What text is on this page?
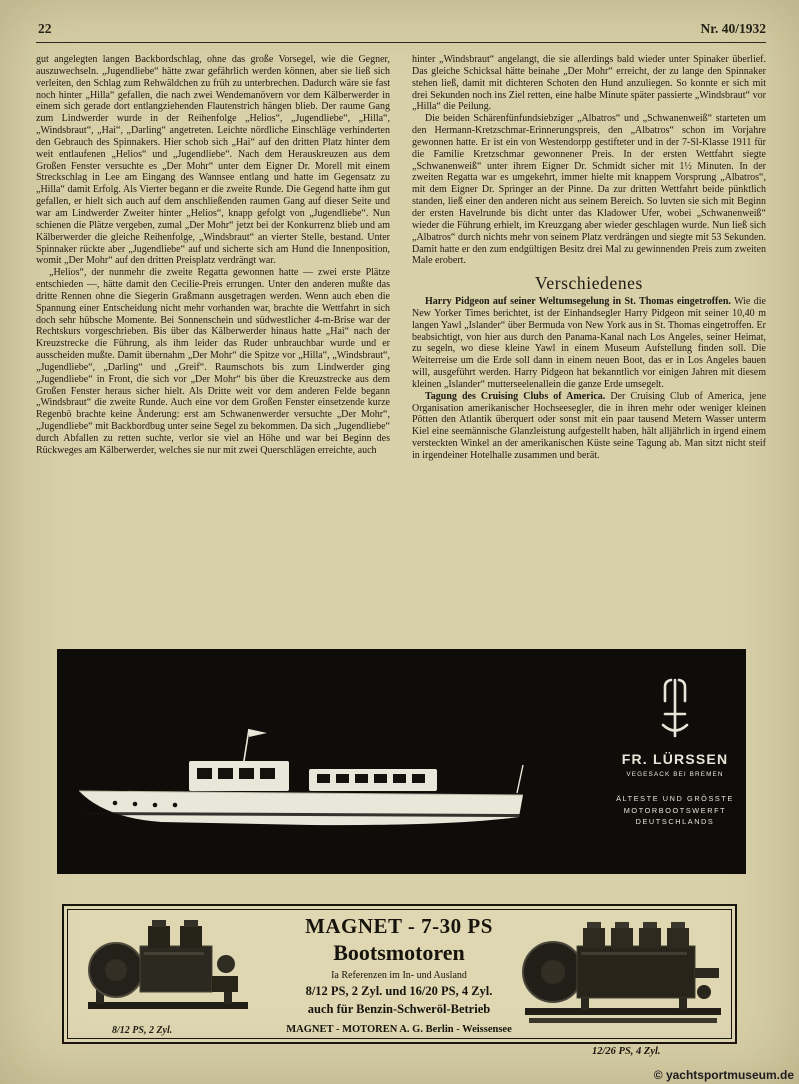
22	Nr. 40/1932

gut angelegten langen Backbordschlag, ohne das große Vorsegel, wie die Gegner, auszuwechseln. „Jugendliebe“ hätte zwar gefährlich werden können, aber sie ließ sich verleiten, den Schlag zum Rehwäldchen zu früh zu unterbrechen. Dadurch wäre sie fast noch hinter „Hilla“ gefallen, die nach zwei Wendemanövern vor dem Kälberwerder in einem sich gerade dort entlangziehenden Flautenstrich hängen blieb. Der raume Gang zum Lindwerder wurde in der Reihenfolge „Helios“, „Jugendliebe“, „Hilla“, „Windsbraut“, „Hai“, „Darling“ angetreten. Leichte nördliche Einschläge verhinderten den Gebrauch des Spinnakers. Hier schob sich „Hai“ auf den dritten Platz hinter dem weit entlaufenen „Helios“ und „Jugendliebe“. Nach dem Herauskreuzen aus dem Großen Fenster versuchte es „Der Mohr“ unter dem Eigner Dr. Morell mit einem Streckschlag in Lee am Eingang des Wannsee entlang und hatte im Gegensatz zu „Hilla“ damit Erfolg. Als Vierter begann er die zweite Runde. Die Gegend hatte ihm gut gefallen, er hielt sich auch auf dem anschließenden raumen Gang auf dieser Seite und war am Lindwerder Zweiter hinter „Helios“, knapp gefolgt von „Jugendliebe“. Nun schienen die Plätze vergeben, zumal „Der Mohr“ jetzt bei der Konkurrenz blieb und am Kälberwerder die gleiche Reihenfolge, „Windsbraut“ an vierter Stelle, bestand. Unter Spinnaker rückte aber „Jugendliebe“ auf und sicherte sich am Hund die Innenposition, womit „Der Mohr“ auf den dritten Preisplatz verdrängt war.

„Helios“, der nunmehr die zweite Regatta gewonnen hatte — zwei erste Plätze entschieden —, hätte damit den Cecilie-Preis errungen. Unter den anderen mußte das dritte Rennen ohne die Siegerin Graßmann ausgetragen werden. Wenn auch eben die Spannung einer Entscheidung nicht mehr vorhanden war, brachte die Wettfahrt in sich doch sehr hübsche Momente. Bei Sonnenschein und südwestlicher 4-m-Brise war der Rechtskurs vorgeschrieben. Bis über das Kälberwerder hinaus hatte „Hai“ nach der Kreuzstrecke die Führung, als ihm leider das Ruder unbrauchbar wurde und er ausscheiden mußte. Damit übernahm „Der Mohr“ die Spitze vor „Hilla“, „Windsbraut“, „Jugendliebe“, „Darling“ und „Greif“. Raumschots bis zum Lindwerder ging „Jugendliebe“ in Front, die sich vor „Der Mohr“ bis über die Kreuzstrecke aus dem Großen Fenster heraus sicher hielt. Als Dritte weit vor dem anderen Felde begann „Windsbraut“ die zweite Runde. Auch eine vor dem Großen Fenster einsetzende kurze Regenbö brachte keine Änderung: erst am Schwanenwerder versuchte „Der Mohr“, „Jugendliebe“ mit Backbordbug unter seine Segel zu bekommen. Da sich „Jugendliebe“ durch Abfallen zu retten suchte, verlor sie viel an Höhe und war bei Beginn des Rückweges am Kälberwerder, welches sie nur mit zwei Querschlägen erreichte, auch

hinter „Windsbraut“ angelangt, die sie allerdings bald wieder unter Spinaker überlief. Das gleiche Schicksal hätte beinahe „Der Mohr“ erreicht, der zu lange den Spinnaker stehen ließ, damit mit dichteren Schoten den Hund anzuliegen. So konnte er sich mit drei Sekunden noch ins Ziel retten, eine halbe Minute später passierte „Windsbraut“ vor „Hilla“ die Peilung.

Die beiden Schärenfünfundsiebziger „Albatros“ und „Schwanenweiß“ starteten um den Hermann-Kretzschmar-Erinnerungspreis, den „Albatros“ schon im Vorjahre gewonnen hatte. Er ist ein von Westendorpp gestifteter und in der 7-Sl-Klasse 1911 für die Familie Kretzschmar gewonnener Preis. In der ersten Wettfahrt siegte „Schwanenweiß“ unter ihrem Eigner Dr. Schmidt sicher mit 1½ Minuten. In der zweiten Regatta war es umgekehrt, immer hielte mit knappem Vorsprung „Albatros“, mit dem Eigner Dr. Springer an der Pinne. Da zur dritten Wettfahrt beide pünktlich standen, ließ einer den anderen nicht aus seinem Bereich. So luvten sie sich mit Beginn der ersten Havelrunde bis dicht unter das Kladower Ufer, wobei „Schwanenweiß“ wieder die Führung erhielt, im Kreuzgang aber wieder geschlagen wurde. Nun ließ sich „Albatros“ durch nichts mehr von seinem Platz verdrängen und siegte mit 53 Sekunden. Damit hatte er den zum endgültigen Besitz drei Mal zu gewinnenden Preis zum zweiten Male erobert.

Verschiedenes

Harry Pidgeon auf seiner Weltumsegelung in St. Thomas eingetroffen. Wie die New Yorker Times berichtet, ist der Einhandsegler Harry Pidgeon mit seiner 10,40 m langen Yawl „Islander“ über Bermuda von New York aus in St. Thomas eingetroffen. Er beabsichtigt, von hier aus durch den Panama-Kanal nach Los Angeles, seiner Heimat, zu segeln, wo diese kleine Yawl in einem Museum Aufstellung finden soll. Die Weiterreise um die Erde soll dann in einem neuen Boot, das er in Los Angeles bauen will, ausgeführt werden. Harry Pidgeon hat bekanntlich vor einigen Jahren mit diesem kleinen „Islander“ mutterseelenallein die ganze Erde umsegelt.

Tagung des Cruising Clubs of America. Der Cruising Club of America, jene Organisation amerikanischer Hochseesegler, die in ihren mehr oder weniger kleinen Pötten den Atlantik überquert oder sonst mit ein paar tausend Metern Wasser unterm Kiel eine seemännische Glanzleistung aufgestellt haben, hält alljährlich in irgend einem versteckten Winkel an der amerikanischen Küste seine Tagung ab. Man sitzt nicht steif in irgendeiner Hotelhalle zusammen und berät.

FR. LÜRSSEN
VEGESACK BEI BREMEN
ÄLTESTE UND GRÖSSTE
MOTORBOOTSWERFT
DEUTSCHLANDS
MAGNET - 7-30 PS
Bootsmotoren
Ia Referenzen im In- und Ausland
8/12 PS, 2 Zyl. und 16/20 PS, 4 Zyl.
auch für Benzin-Schweröl-Betrieb
MAGNET - MOTOREN A. G. Berlin - Weissensee
8/12 PS, 2 Zyl.
12/26 PS, 4 Zyl.
© yachtsportmuseum.de
